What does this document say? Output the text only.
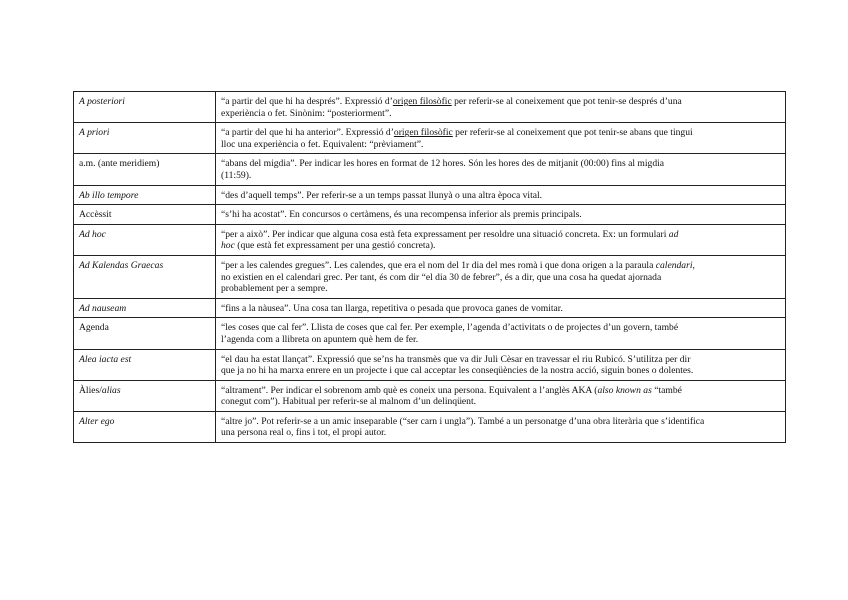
A posteriori	“a partir del que hi ha després”. Expressió d’origen filosòfic per referir-se al coneixement que pot tenir-se després d’una
experiència o fet. Sinònim: “posteriorment”.

A priori	“a partir del que hi ha anterior”. Expressió d’origen filosòfic per referir-se al coneixement que pot tenir-se abans que tingui
lloc una experiència o fet. Equivalent: “prèviament”.

a.m. (ante meridiem)	“abans del migdia”. Per indicar les hores en format de 12 hores. Són les hores des de mitjanit (00:00) fins al migdia
(11:59).

Ab illo tempore	“des d’aquell temps”. Per referir-se a un temps passat llunyà o una altra època vital.

Accèssit	“s’hi ha acostat”. En concursos o certàmens, és una recompensa inferior als premis principals.

Ad hoc	“per a això”. Per indicar que alguna cosa està feta expressament per resoldre una situació concreta. Ex: un formulari ad
hoc (que està fet expressament per una gestió concreta).

Ad Kalendas Graecas	“per a les calendes gregues”. Les calendes, que era el nom del 1r dia del mes romà i que dona origen a la paraula calendari,
no existien en el calendari grec. Per tant, és com dir “el dia 30 de febrer”, és a dir, que una cosa ha quedat ajornada
probablement per a sempre.

Ad nauseam	“fins a la nàusea”. Una cosa tan llarga, repetitiva o pesada que provoca ganes de vomitar.

Agenda	“les coses que cal fer”. Llista de coses que cal fer. Per exemple, l’agenda d’activitats o de projectes d’un govern, també
l’agenda com a llibreta on apuntem què hem de fer.

Alea iacta est	“el dau ha estat llançat”. Expressió que se’ns ha transmès que va dir Juli Cèsar en travessar el riu Rubicó. S’utilitza per dir
que ja no hi ha marxa enrere en un projecte i que cal acceptar les conseqüències de la nostra acció, siguin bones o dolentes.

Àlies/alias	“altrament”. Per indicar el sobrenom amb què es coneix una persona. Equivalent a l’anglès AKA (also known as “també
conegut com”). Habitual per referir-se al malnom d’un delinqüent.

Alter ego	“altre jo”. Pot referir-se a un amic inseparable (“ser carn i ungla”). També a un personatge d’una obra literària que s’identifica
una persona real o, fins i tot, el propi autor.
